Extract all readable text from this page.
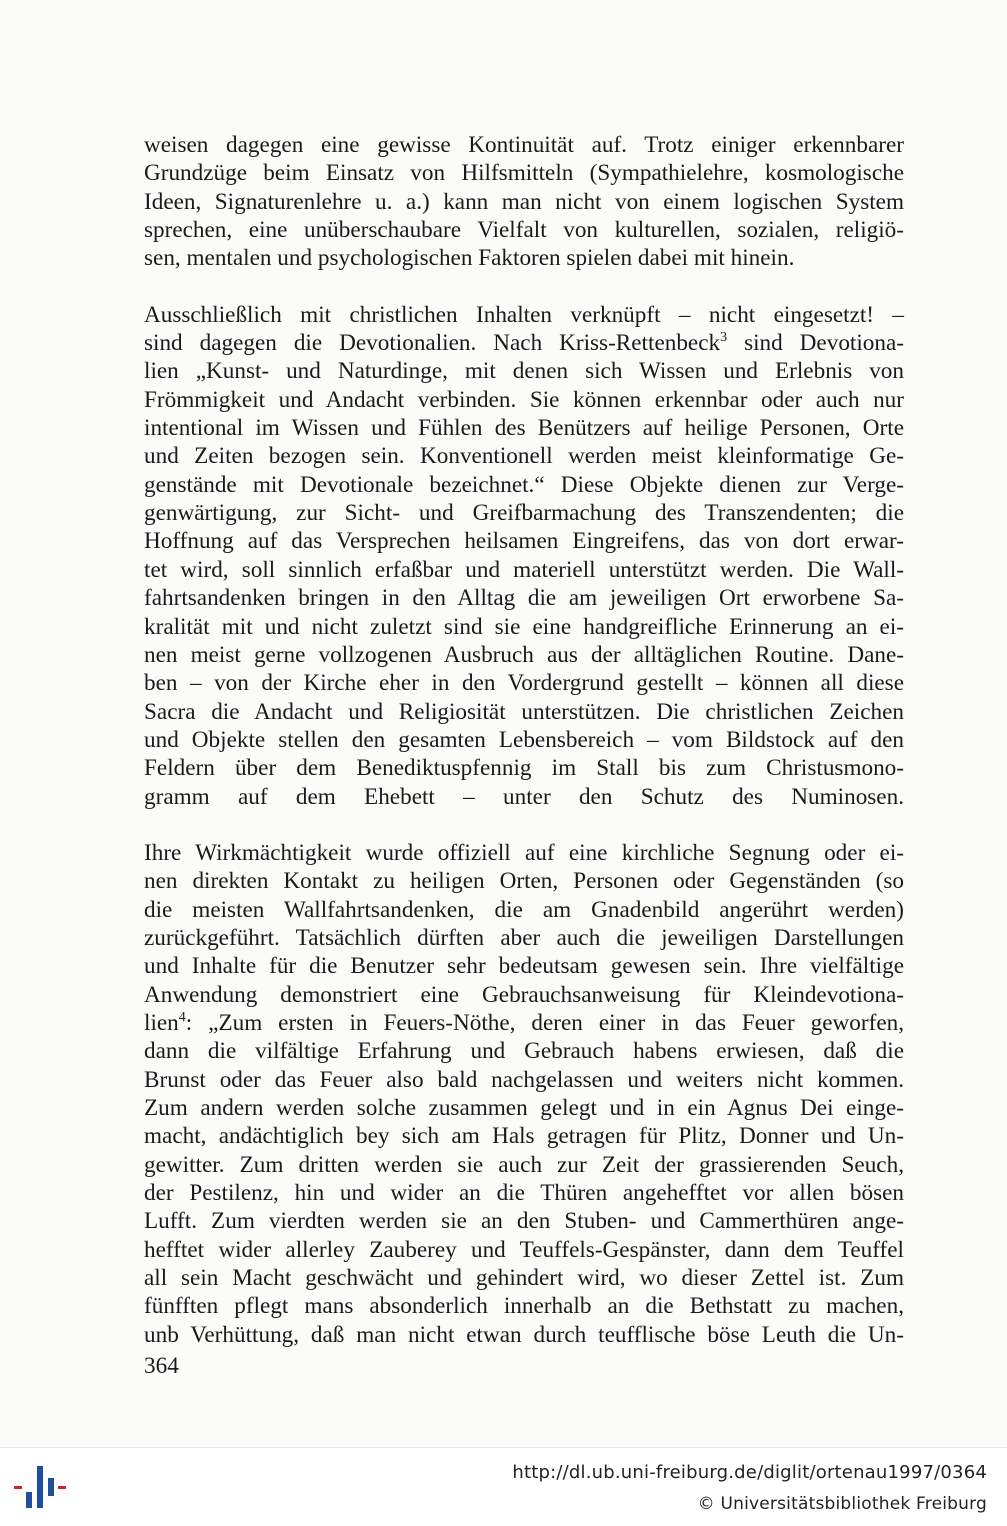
weisen dagegen eine gewisse Kontinuität auf. Trotz einiger erkennbarer
Grundzüge beim Einsatz von Hilfsmitteln (Sympathielehre, kosmologische
Ideen, Signaturenlehre u. a.) kann man nicht von einem logischen System
sprechen, eine unüberschaubare Vielfalt von kulturellen, sozialen, religiö-
sen, mentalen und psychologischen Faktoren spielen dabei mit hinein.

Ausschließlich mit christlichen Inhalten verknüpft – nicht eingesetzt! –
sind dagegen die Devotionalien. Nach Kriss-Rettenbeck$^3$ sind Devotiona-
lien „Kunst- und Naturdinge, mit denen sich Wissen und Erlebnis von
Frömmigkeit und Andacht verbinden. Sie können erkennbar oder auch nur
intentional im Wissen und Fühlen des Benützers auf heilige Personen, Orte
und Zeiten bezogen sein. Konventionell werden meist kleinformatige Ge-
genstände mit Devotionale bezeichnet.“ Diese Objekte dienen zur Verge-
genwärtigung, zur Sicht- und Greifbarmachung des Transzendenten; die
Hoffnung auf das Versprechen heilsamen Eingreifens, das von dort erwar-
tet wird, soll sinnlich erfaßbar und materiell unterstützt werden. Die Wall-
fahrtsandenken bringen in den Alltag die am jeweiligen Ort erworbene Sa-
kralität mit und nicht zuletzt sind sie eine handgreifliche Erinnerung an ei-
nen meist gerne vollzogenen Ausbruch aus der alltäglichen Routine. Dane-
ben – von der Kirche eher in den Vordergrund gestellt – können all diese
Sacra die Andacht und Religiosität unterstützen. Die christlichen Zeichen
und Objekte stellen den gesamten Lebensbereich – vom Bildstock auf den
Feldern über dem Benediktuspfennig im Stall bis zum Christusmono-
gramm auf dem Ehebett – unter den Schutz des Numinosen.

Ihre Wirkmächtigkeit wurde offiziell auf eine kirchliche Segnung oder ei-
nen direkten Kontakt zu heiligen Orten, Personen oder Gegenständen (so
die meisten Wallfahrtsandenken, die am Gnadenbild angerührt werden)
zurückgeführt. Tatsächlich dürften aber auch die jeweiligen Darstellungen
und Inhalte für die Benutzer sehr bedeutsam gewesen sein. Ihre vielfältige
Anwendung demonstriert eine Gebrauchsanweisung für Kleindevotiona-
lien$^4$: „Zum ersten in Feuers-Nöthe, deren einer in das Feuer geworfen,
dann die vilfältige Erfahrung und Gebrauch habens erwiesen, daß die
Brunst oder das Feuer also bald nachgelassen und weiters nicht kommen.
Zum andern werden solche zusammen gelegt und in ein Agnus Dei einge-
macht, andächtiglich bey sich am Hals getragen für Plitz, Donner und Un-
gewitter. Zum dritten werden sie auch zur Zeit der grassierenden Seuch,
der Pestilenz, hin und wider an die Thüren angehefftet vor allen bösen
Lufft. Zum vierdten werden sie an den Stuben- und Cammerthüren ange-
hefftet wider allerley Zauberey und Teuffels-Gespänster, dann dem Teuffel
all sein Macht geschwächt und gehindert wird, wo dieser Zettel ist. Zum
fünfften pflegt mans absonderlich innerhalb an die Bethstatt zu machen,
unb Verhüttung, daß man nicht etwan durch teufflische böse Leuth die Un-

364
http://dl.ub.uni-freiburg.de/diglit/ortenau1997/0364
© Universitätsbibliothek Freiburg
